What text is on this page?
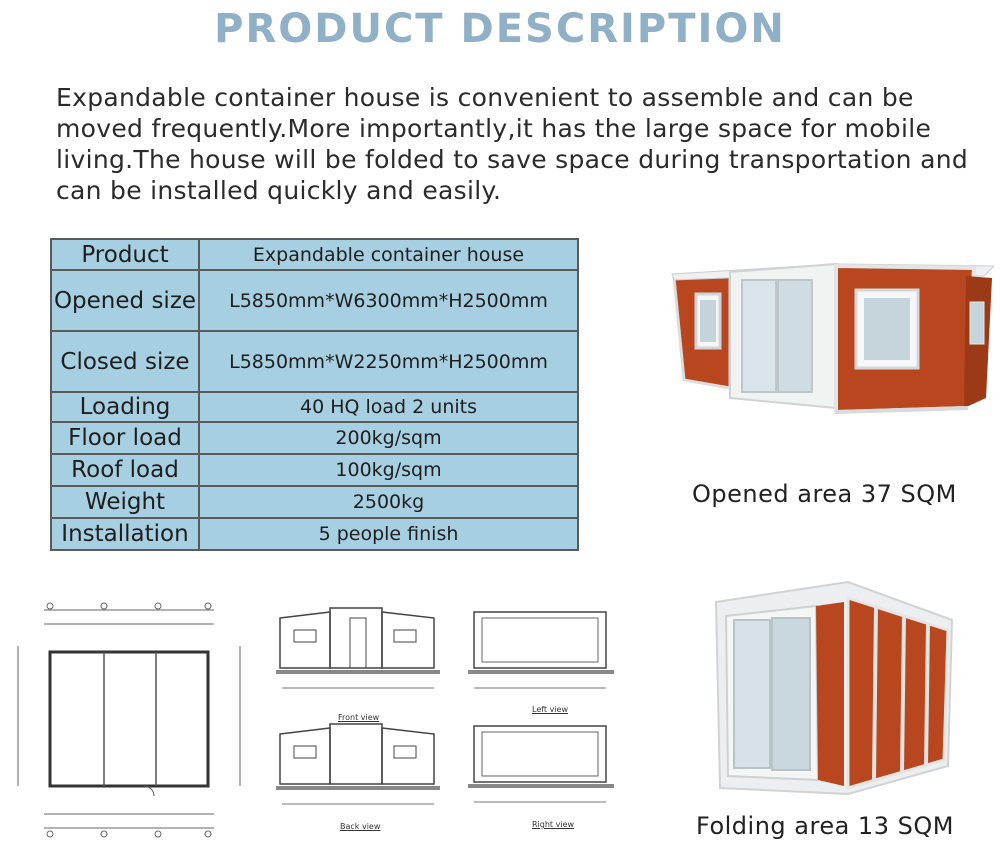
PRODUCT DESCRIPTION
Expandable container house is convenient to assemble and can be moved frequently.More importantly,it has the large space for mobile living.The house will be folded to save space during transportation and can be installed quickly and easily.
Product	Expandable container house
Opened size	L5850mm*W6300mm*H2500mm
Closed size	L5850mm*W2250mm*H2500mm
Loading	40 HQ load 2 units
Floor load	200kg/sqm
Roof load	100kg/sqm
Weight	2500kg
Installation	5 people finish
Opened area 37 SQM
Folding area 13 SQM
Front view
Left view
Back view	Right view
